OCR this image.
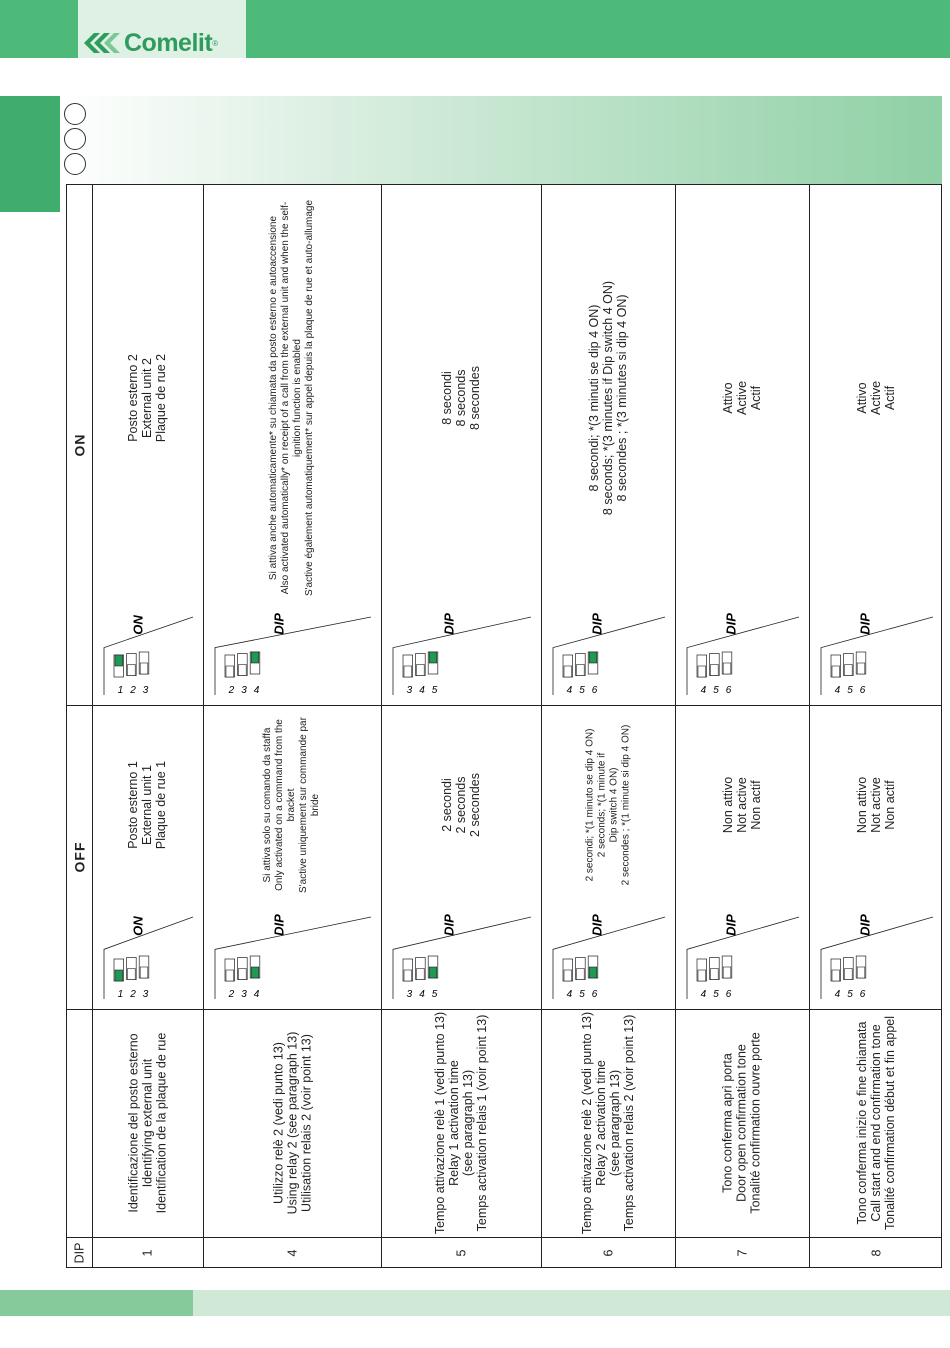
Comelit ®
ON
OFF
DIP	1
Identificazione del posto esterno Identifying external unit Identification de la plaque de rue
Posto esterno 1 External unit 1 Plaque de rue 1
Posto esterno 2 External unit 2 Plaque de rue 2
1 2 3
ON
1 2 3
ON
4
Utilizzo relè 2 (vedi punto 13) Using relay 2 (see paragraph 13) Utilisation relais 2 (voir point 13)
Si attiva solo su comando da staffa Only activated on a command from the bracket S'active uniquement sur commande par bride
Si attiva anche automaticamente* su chiamata da posto esterno e autoaccensione Also activated automatically* on receipt of a call from the external unit and when the self- ignition function is enabled S'active également automatiquement* sur appel depuis la plaque de rue et auto-allumage
2 3 4
DIP
2 3 4
DIP
5
Tempo attivazione relè 1 (vedi punto 13) Relay 1 activation time (see paragraph 13) Temps activation relais 1 (voir point 13)
2 secondi 2 seconds 2 secondes
8 secondi 8 seconds 8 secondes
3 4 5
DIP
3 4 5
DIP
6
Tempo attivazione relè 2 (vedi punto 13) Relay 2 activation time (see paragraph 13) Temps activation relais 2 (voir point 13)
2 secondi; *(1 minuto se dip 4 ON) 2 seconds; *(1 minute if Dip switch 4 ON) 2 secondes ; *(1 minute si dip 4 ON)
8 secondi; *(3 minuti se dip 4 ON) 8 seconds; *(3 minutes if Dip switch 4 ON) 8 secondes ; *(3 minutes si dip 4 ON)
4 5 6
DIP
4 5 6
DIP
7
Tono conferma aprì porta Door open confirmation tone Tonalité confirmation ouvre porte
Non attivo Not active Non actif
Attivo Active Actif
4 5 6
DIP
4 5 6
DIP
8
Tono conferma inizio e fine chiamata Call start and end confirmation tone Tonalité confirmation début et fin appel
Non attivo Not active Non actif
Attivo Active Actif
4 5 6
DIP
4 5 6
DIP
